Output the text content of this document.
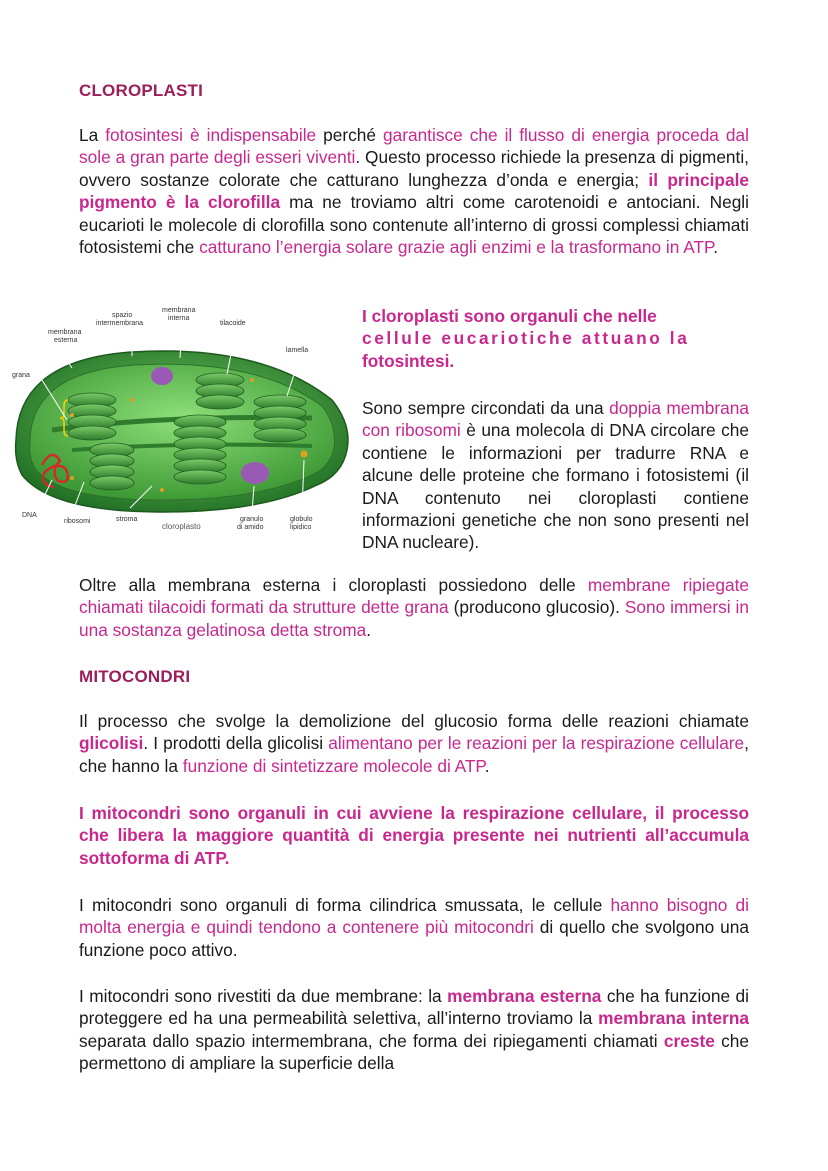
CLOROPLASTI

La fotosintesi è indispensabile perché garantisce che il flusso di energia proceda dal sole a gran parte degli esseri viventi. Questo processo richiede la presenza di pigmenti, ovvero sostanze colorate che catturano lunghezza d’onda e energia; il principale pigmento è la clorofilla ma ne troviamo altri come carotenoidi e antociani. Negli eucarioti le molecole di clorofilla sono contenute all’interno di grossi complessi chiamati fotosistemi che catturano l’energia solare grazie agli enzimi e la trasformano in ATP.

spazio
intermembrana
membrana
interna
tilacoide
membrana
esterna
lamella
grana
DNA
ribosomi	stroma
cloroplasto
granulo
di amido
globulo
lipidico

I cloroplasti sono organuli che nelle
cellule eucariotiche attuano la
fotosintesi.

Sono sempre circondati da una doppia membrana con ribosomi è una molecola di DNA circolare che contiene le informazioni per tradurre RNA e alcune delle proteine che formano i fotosistemi (il DNA contenuto nei cloroplasti contiene informazioni genetiche che non sono presenti nel DNA nucleare).

Oltre alla membrana esterna i cloroplasti possiedono delle membrane ripiegate chiamati tilacoidi formati da strutture dette grana (producono glucosio). Sono immersi in una sostanza gelatinosa detta stroma.

MITOCONDRI

Il processo che svolge la demolizione del glucosio forma delle reazioni chiamate glicolisi. I prodotti della glicolisi alimentano per le reazioni per la respirazione cellulare, che hanno la funzione di sintetizzare molecole di ATP.

I mitocondri sono organuli in cui avviene la respirazione cellulare, il processo che libera la maggiore quantità di energia presente nei nutrienti all’accumula sottoforma di ATP.

I mitocondri sono organuli di forma cilindrica smussata, le cellule hanno bisogno di molta energia e quindi tendono a contenere più mitocondri di quello che svolgono una funzione poco attivo.

I mitocondri sono rivestiti da due membrane: la membrana esterna che ha funzione di proteggere ed ha una permeabilità selettiva, all’interno troviamo la membrana interna separata dallo spazio intermembrana, che forma dei ripiegamenti chiamati creste che permettono di ampliare la superficie della
